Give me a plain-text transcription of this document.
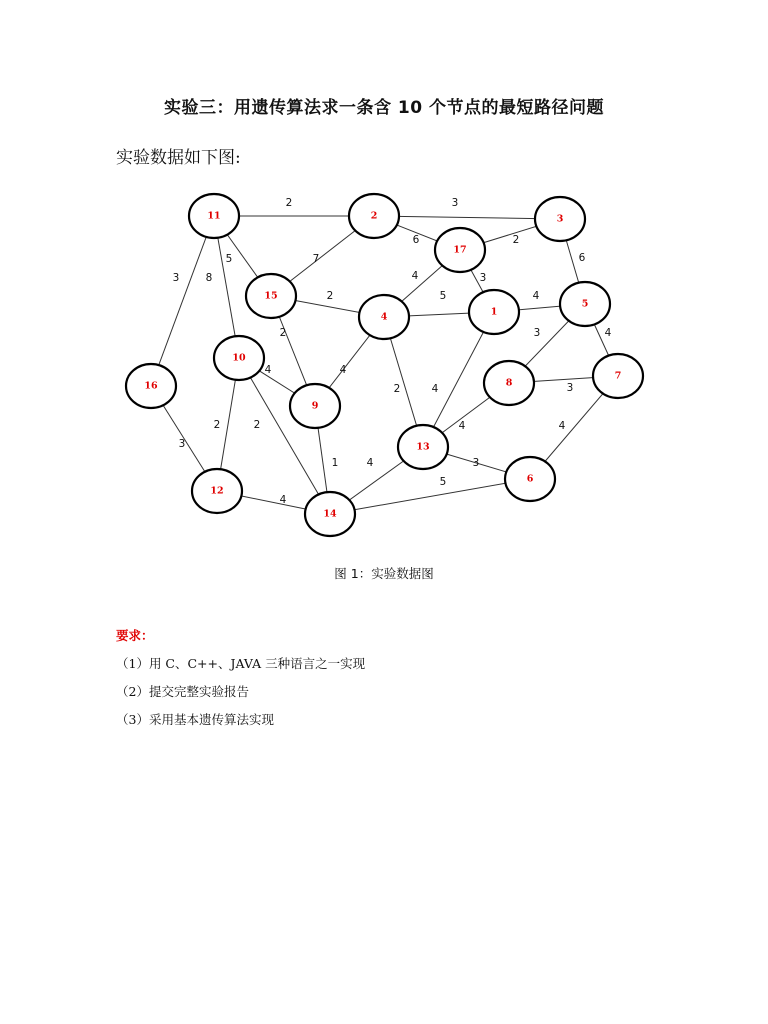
实验三：用遗传算法求一条含 10 个节点的最短路径问题
实验数据如下图:
2	3
6	2
6
3	8
5	7
4	3
2	5	4
2	3	4
4	4
2	4	3
3
2	2	4	4
1	4	3
4
5
11	2	3
17
15
4	1
5
10
16
9
8
7
13
6
12
14
图 1：实验数据图
要求：
（1）用 C、C++、JAVA 三种语言之一实现
（2）提交完整实验报告
（3）采用基本遗传算法实现
